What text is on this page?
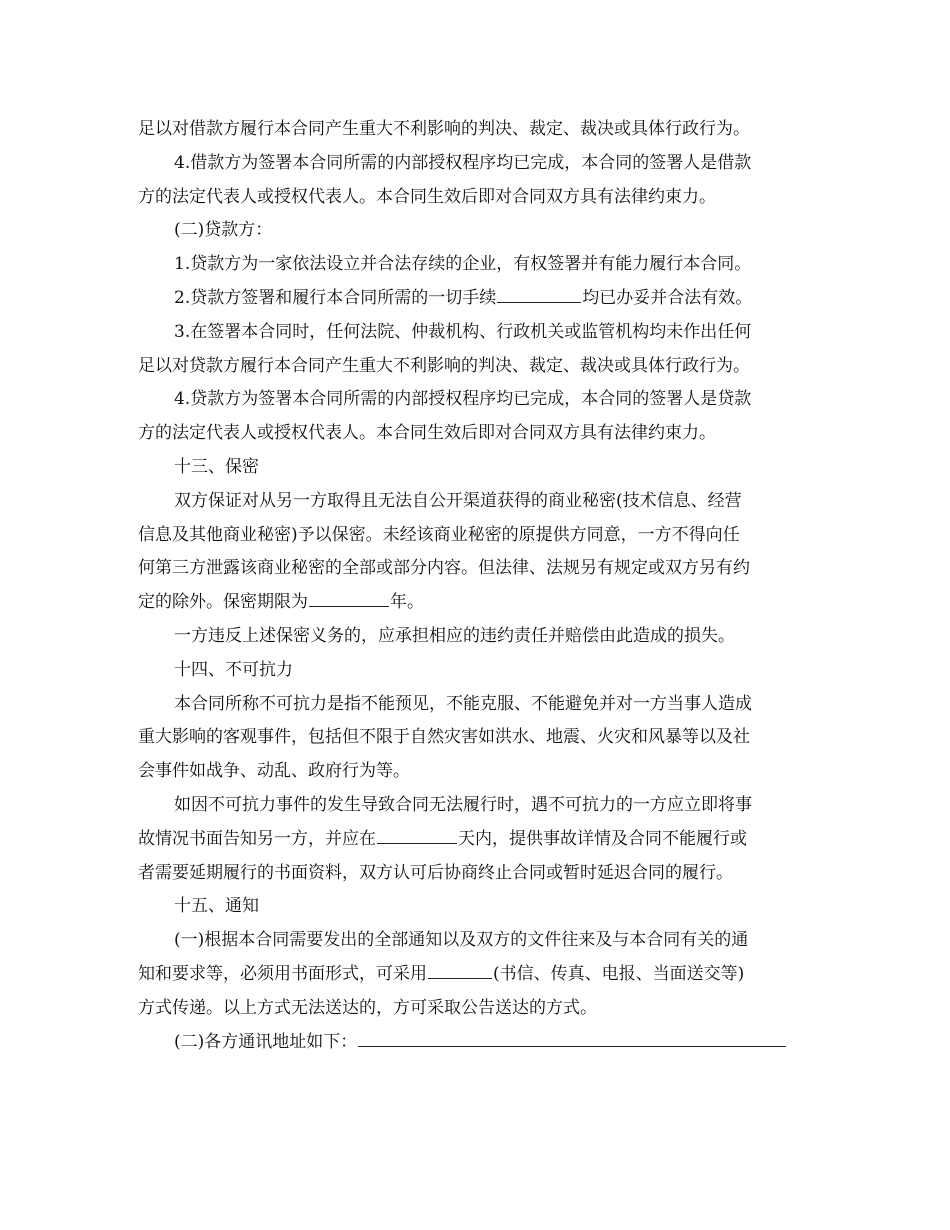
足以对借款方履行本合同产生重大不利影响的判决、裁定、裁决或具体行政行为。
4.借款方为签署本合同所需的内部授权程序均已完成，本合同的签署人是借款
方的法定代表人或授权代表人。本合同生效后即对合同双方具有法律约束力。
(二)贷款方：
1.贷款方为一家依法设立并合法存续的企业，有权签署并有能力履行本合同。
2.贷款方签署和履行本合同所需的一切手续	均已办妥并合法有效。
3.在签署本合同时，任何法院、仲裁机构、行政机关或监管机构均未作出任何
足以对贷款方履行本合同产生重大不利影响的判决、裁定、裁决或具体行政行为。
4.贷款方为签署本合同所需的内部授权程序均已完成，本合同的签署人是贷款
方的法定代表人或授权代表人。本合同生效后即对合同双方具有法律约束力。
十三、保密
双方保证对从另一方取得且无法自公开渠道获得的商业秘密(技术信息、经营
信息及其他商业秘密)予以保密。未经该商业秘密的原提供方同意，一方不得向任
何第三方泄露该商业秘密的全部或部分内容。但法律、法规另有规定或双方另有约
定的除外。保密期限为	年。
一方违反上述保密义务的，应承担相应的违约责任并赔偿由此造成的损失。
十四、不可抗力
本合同所称不可抗力是指不能预见，不能克服、不能避免并对一方当事人造成
重大影响的客观事件，包括但不限于自然灾害如洪水、地震、火灾和风暴等以及社
会事件如战争、动乱、政府行为等。
如因不可抗力事件的发生导致合同无法履行时，遇不可抗力的一方应立即将事
故情况书面告知另一方，并应在	天内，提供事故详情及合同不能履行或
者需要延期履行的书面资料，双方认可后协商终止合同或暂时延迟合同的履行。
十五、通知
(一)根据本合同需要发出的全部通知以及双方的文件往来及与本合同有关的通
知和要求等，必须用书面形式，可采用	(书信、传真、电报、当面送交等)
方式传递。以上方式无法送达的，方可采取公告送达的方式。
(二)各方通讯地址如下：
